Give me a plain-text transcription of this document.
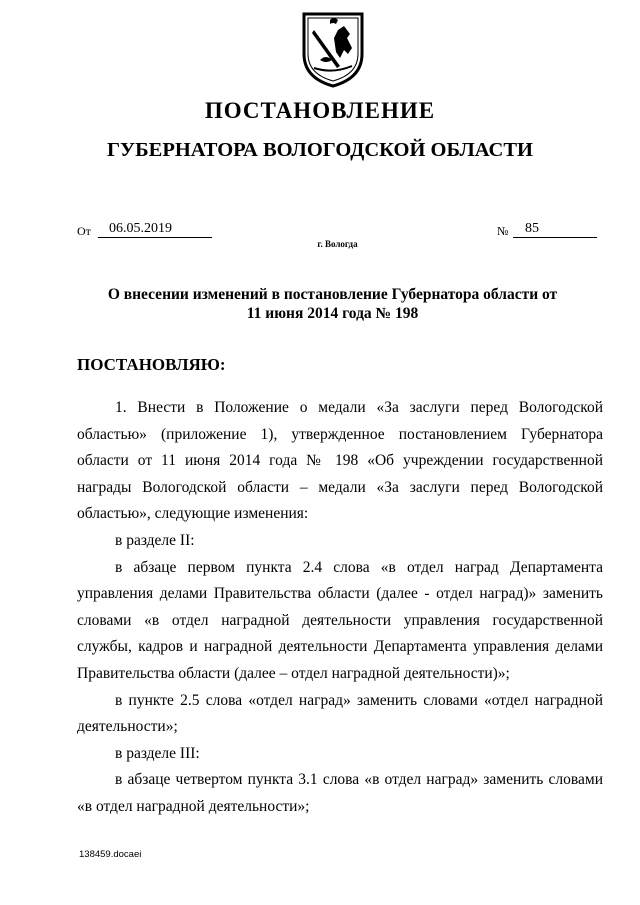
ПОСТАНОВЛЕНИЕ
ГУБЕРНАТОРА ВОЛОГОДСКОЙ ОБЛАСТИ
От	06.05.2019	№	85
г. Вологда
О внесении изменений в постановление Губернатора области от 11 июня 2014 года № 198
ПОСТАНОВЛЯЮ:

1. Внести в Положение о медали «За заслуги перед Вологодской областью» (приложение 1), утвержденное постановлением Губернатора области от 11 июня 2014 года № 198 «Об учреждении государственной награды Вологодской области – медали «За заслуги перед Вологодской областью», следующие изменения:

в разделе II:

в абзаце первом пункта 2.4 слова «в отдел наград Департамента управления делами Правительства области (далее - отдел наград)» заменить словами «в отдел наградной деятельности управления государственной службы, кадров и наградной деятельности Департамента управления делами Правительства области (далее – отдел наградной деятельности)»;

в пункте 2.5 слова «отдел наград» заменить словами «отдел наградной деятельности»;

в разделе III:

в абзаце четвертом пункта 3.1 слова «в отдел наград» заменить словами «в отдел наградной деятельности»;

138459.docaei
